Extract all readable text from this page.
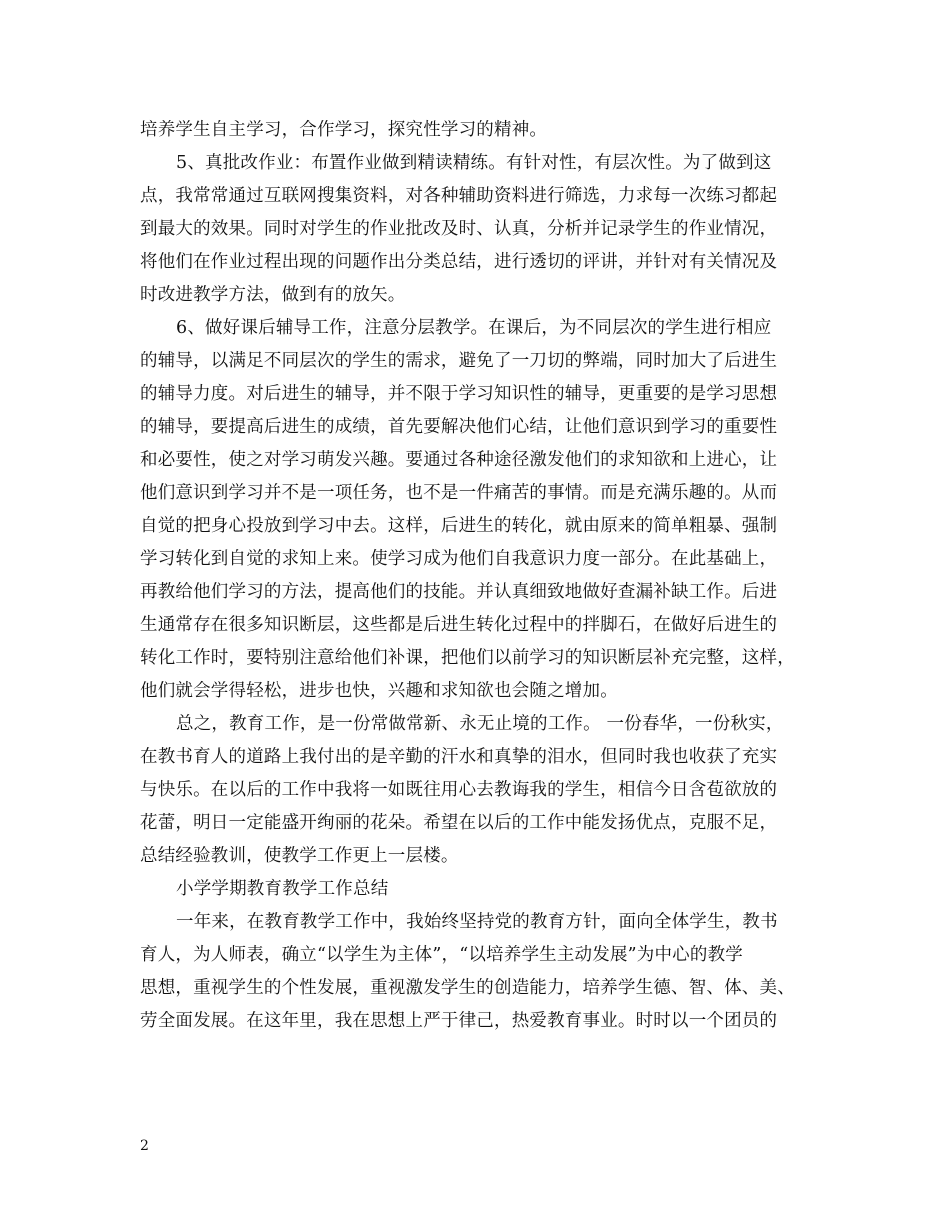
培养学生自主学习，合作学习，探究性学习的精神。
5、真批改作业：布置作业做到精读精练。有针对性，有层次性。为了做到这
点，我常常通过互联网搜集资料，对各种辅助资料进行筛选，力求每一次练习都起
到最大的效果。同时对学生的作业批改及时、认真，分析并记录学生的作业情况，
将他们在作业过程出现的问题作出分类总结，进行透切的评讲，并针对有关情况及
时改进教学方法，做到有的放矢。
6、做好课后辅导工作，注意分层教学。在课后，为不同层次的学生进行相应
的辅导，以满足不同层次的学生的需求，避免了一刀切的弊端，同时加大了后进生
的辅导力度。对后进生的辅导，并不限于学习知识性的辅导，更重要的是学习思想
的辅导，要提高后进生的成绩，首先要解决他们心结，让他们意识到学习的重要性
和必要性，使之对学习萌发兴趣。要通过各种途径激发他们的求知欲和上进心，让
他们意识到学习并不是一项任务，也不是一件痛苦的事情。而是充满乐趣的。从而
自觉的把身心投放到学习中去。这样，后进生的转化，就由原来的简单粗暴、强制
学习转化到自觉的求知上来。使学习成为他们自我意识力度一部分。在此基础上，
再教给他们学习的方法，提高他们的技能。并认真细致地做好查漏补缺工作。后进
生通常存在很多知识断层，这些都是后进生转化过程中的拌脚石，在做好后进生的
转化工作时，要特别注意给他们补课，把他们以前学习的知识断层补充完整，这样，
他们就会学得轻松，进步也快，兴趣和求知欲也会随之增加。
总之，教育工作，是一份常做常新、永无止境的工作。 一份春华，一份秋实，
在教书育人的道路上我付出的是辛勤的汗水和真挚的泪水，但同时我也收获了充实
与快乐。在以后的工作中我将一如既往用心去教诲我的学生，相信今日含苞欲放的
花蕾，明日一定能盛开绚丽的花朵。希望在以后的工作中能发扬优点，克服不足，
总结经验教训，使教学工作更上一层楼。
小学学期教育教学工作总结
一年来，在教育教学工作中，我始终坚持党的教育方针，面向全体学生，教书
育人，为人师表，确立“以学生为主体”，“以培养学生主动发展”为中心的教学
思想，重视学生的个性发展，重视激发学生的创造能力，培养学生德、智、体、美、
劳全面发展。在这年里，我在思想上严于律己，热爱教育事业。时时以一个团员的
2
